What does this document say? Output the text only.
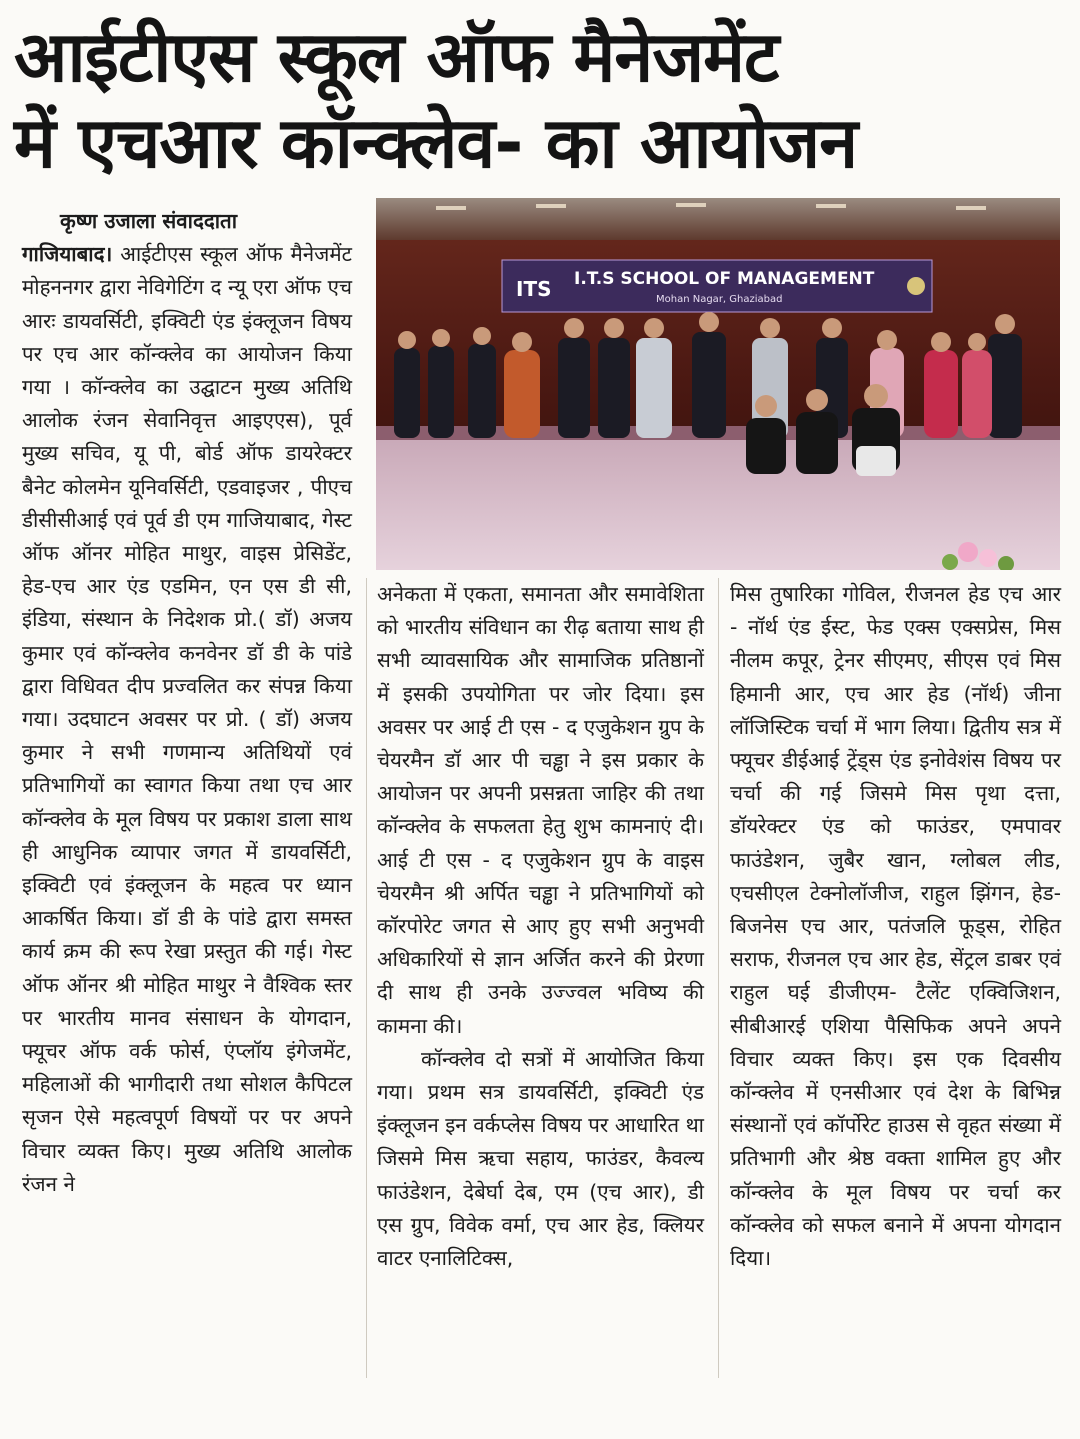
आईटीएस स्कूल ऑफ मैनेजमेंट
में एचआर कॉन्क्लेव- का आयोजन

कृष्ण उजाला संवाददाता

गाजियाबाद। आईटीएस स्कूल ऑफ मैनेजमेंट मोहननगर द्वारा नेविगेटिंग द न्यू एरा ऑफ एच आरः डायवर्सिटी, इक्विटी एंड इंक्लूजन विषय पर एच आर कॉन्क्लेव का आयोजन किया गया । कॉन्क्लेव का उद्घाटन मुख्य अतिथि आलोक रंजन सेवानिवृत्त आइएएस), पूर्व मुख्य सचिव, यू पी, बोर्ड ऑफ डायरेक्टर बैनेट कोलमेन यूनिवर्सिटी, एडवाइजर , पीएच डीसीसीआई एवं पूर्व डी एम गाजियाबाद, गेस्ट ऑफ ऑनर मोहित माथुर, वाइस प्रेसिडेंट, हेड-एच आर एंड एडमिन, एन एस डी सी, इंडिया, संस्थान के निदेशक प्रो.( डॉ) अजय कुमार एवं कॉन्क्लेव कनवेनर डॉ डी के पांडे द्वारा विधिवत दीप प्रज्वलित कर संपन्न किया गया। उदघाटन अवसर पर प्रो. ( डॉ) अजय कुमार ने सभी गणमान्य अतिथियों एवं प्रतिभागियों का स्वागत किया तथा एच आर कॉन्क्लेव के मूल विषय पर प्रकाश डाला साथ ही आधुनिक व्यापार जगत में डायवर्सिटी, इक्विटी एवं इंक्लूजन के महत्व पर ध्यान आकर्षित किया। डॉ डी के पांडे द्वारा समस्त कार्य क्रम की रूप रेखा प्रस्तुत की गई। गेस्ट ऑफ ऑनर श्री मोहित माथुर ने वैश्विक स्तर पर भारतीय मानव संसाधन के योगदान, फ्यूचर ऑफ वर्क फोर्स, एंप्लॉय इंगेजमेंट, महिलाओं की भागीदारी तथा सोशल कैपिटल सृजन ऐसे महत्वपूर्ण विषयों पर पर अपने विचार व्यक्त किए। मुख्य अतिथि आलोक रंजन ने

ITS I.T.S SCHOOL OF MANAGEMENT
Mohan Nagar, Ghaziabad

अनेकता में एकता, समानता और समावेशिता को भारतीय संविधान का रीढ़ बताया साथ ही सभी व्यावसायिक और सामाजिक प्रतिष्ठानों में इसकी उपयोगिता पर जोर दिया। इस अवसर पर आई टी एस - द एजुकेशन ग्रुप के चेयरमैन डॉ आर पी चड्ढा ने इस प्रकार के आयोजन पर अपनी प्रसन्नता जाहिर की तथा कॉन्क्लेव के सफलता हेतु शुभ कामनाएं दी। आई टी एस - द एजुकेशन ग्रुप के वाइस चेयरमैन श्री अर्पित चड्ढा ने प्रतिभागियों को कॉरपोरेट जगत से आए हुए सभी अनुभवी अधिकारियों से ज्ञान अर्जित करने की प्रेरणा दी साथ ही उनके उज्ज्वल भविष्य की कामना की।

कॉन्क्लेव दो सत्रों में आयोजित किया गया। प्रथम सत्र डायवर्सिटी, इक्विटी एंड इंक्लूजन इन वर्कप्लेस विषय पर आधारित था जिसमे मिस ऋचा सहाय, फाउंडर, कैवल्य फाउंडेशन, देबेर्घा देब, एम (एच आर), डी एस ग्रुप, विवेक वर्मा, एच आर हेड, क्लियर वाटर एनालिटिक्स,

मिस तुषारिका गोविल, रीजनल हेड एच आर - नॉर्थ एंड ईस्ट, फेड एक्स एक्सप्रेस, मिस नीलम कपूर, ट्रेनर सीएमए, सीएस एवं मिस हिमानी आर, एच आर हेड (नॉर्थ) जीना लॉजिस्टिक चर्चा में भाग लिया। द्वितीय सत्र में फ्यूचर डीईआई ट्रेंड्स एंड इनोवेशंस विषय पर चर्चा की गई जिसमे मिस पृथा दत्ता, डॉयरेक्टर एंड को फाउंडर, एमपावर फाउंडेशन, जुबैर खान, ग्लोबल लीड, एचसीएल टेक्नोलॉजीज, राहुल झिंगन, हेड- बिजनेस एच आर, पतंजलि फूड्स, रोहित सराफ, रीजनल एच आर हेड, सेंट्रल डाबर एवं राहुल घई डीजीएम- टैलेंट एक्विजिशन, सीबीआरई एशिया पैसिफिक अपने अपने विचार व्यक्त किए। इस एक दिवसीय कॉन्क्लेव में एनसीआर एवं देश के बिभिन्न संस्थानों एवं कॉर्पोरेट हाउस से वृहत संख्या में प्रतिभागी और श्रेष्ठ वक्ता शामिल हुए और कॉन्क्लेव के मूल विषय पर चर्चा कर कॉन्क्लेव को सफल बनाने में अपना योगदान दिया।
